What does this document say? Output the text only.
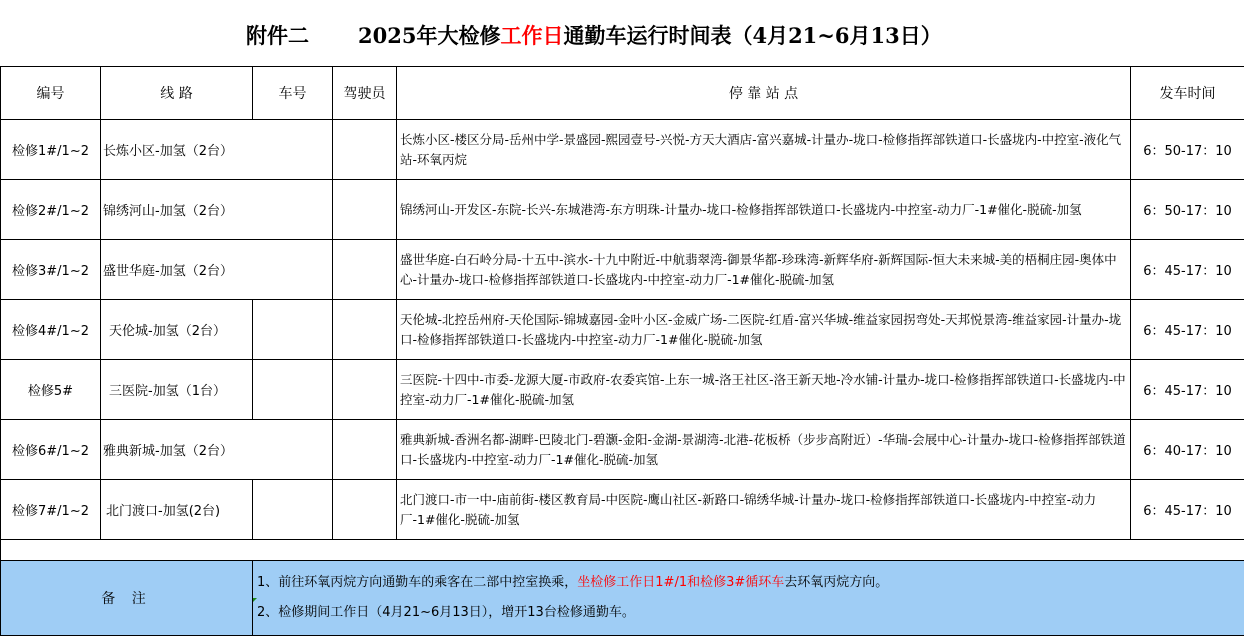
附件二 2025年大检修工作日通勤车运行时间表（4月21~6月13日）
编号	线 路	车号	驾驶员	停 靠 站 点	发车时间
检修1#/1~2	长炼小区-加氢（2台）			长炼小区-楼区分局-岳州中学-景盛园-熙园壹号-兴悦-方天大酒店-富兴嘉城-计量办-垅口-检修指挥部铁道口-长盛垅内-中控室-液化气站-环氧丙烷	6：50-17：10
检修2#/1~2	锦绣河山-加氢（2台）			锦绣河山-开发区-东院-长兴-东城港湾-东方明珠-计量办-垅口-检修指挥部铁道口-长盛垅内-中控室-动力厂-1#催化-脱硫-加氢	6：50-17：10
检修3#/1~2	盛世华庭-加氢（2台）			盛世华庭-白石岭分局-十五中-滨水-十九中附近-中航翡翠湾-御景华都-珍珠湾-新辉华府-新辉国际-恒大未来城-美的梧桐庄园-奥体中心-计量办-垅口-检修指挥部铁道口-长盛垅内-中控室-动力厂-1#催化-脱硫-加氢	6：45-17：10
检修4#/1~2	天伦城-加氢（2台）			天伦城-北控岳州府-天伦国际-锦城嘉园-金叶小区-金威广场-二医院-红盾-富兴华城-维益家园拐弯处-天邦悦景湾-维益家园-计量办-垅口-检修指挥部铁道口-长盛垅内-中控室-动力厂-1#催化-脱硫-加氢	6：45-17：10
检修5#	三医院-加氢（1台）			三医院-十四中-市委-龙源大厦-市政府-农委宾馆-上东一城-洛王社区-洛王新天地-冷水铺-计量办-垅口-检修指挥部铁道口-长盛垅内-中控室-动力厂-1#催化-脱硫-加氢	6：45-17：10
检修6#/1~2	雅典新城-加氢（2台）			雅典新城-香洲名都-湖畔-巴陵北门-碧灏-金阳-金湖-景湖湾-北港-花板桥（步步高附近）-华瑞-会展中心-计量办-垅口-检修指挥部铁道口-长盛垅内-中控室-动力厂-1#催化-脱硫-加氢	6：40-17：10
检修7#/1~2	北门渡口-加氢(2台)			北门渡口-市一中-庙前街-楼区教育局-中医院-鹰山社区-新路口-锦绣华城-计量办-垅口-检修指挥部铁道口-长盛垅内-中控室-动力厂-1#催化-脱硫-加氢	6：45-17：10

备 注		1、前往环氧丙烷方向通勤车的乘客在二部中控室换乘，坐检修工作日1#/1和检修3#循环车去环氧丙烷方向。
2、检修期间工作日（4月21~6月13日），增开13台检修通勤车。			
